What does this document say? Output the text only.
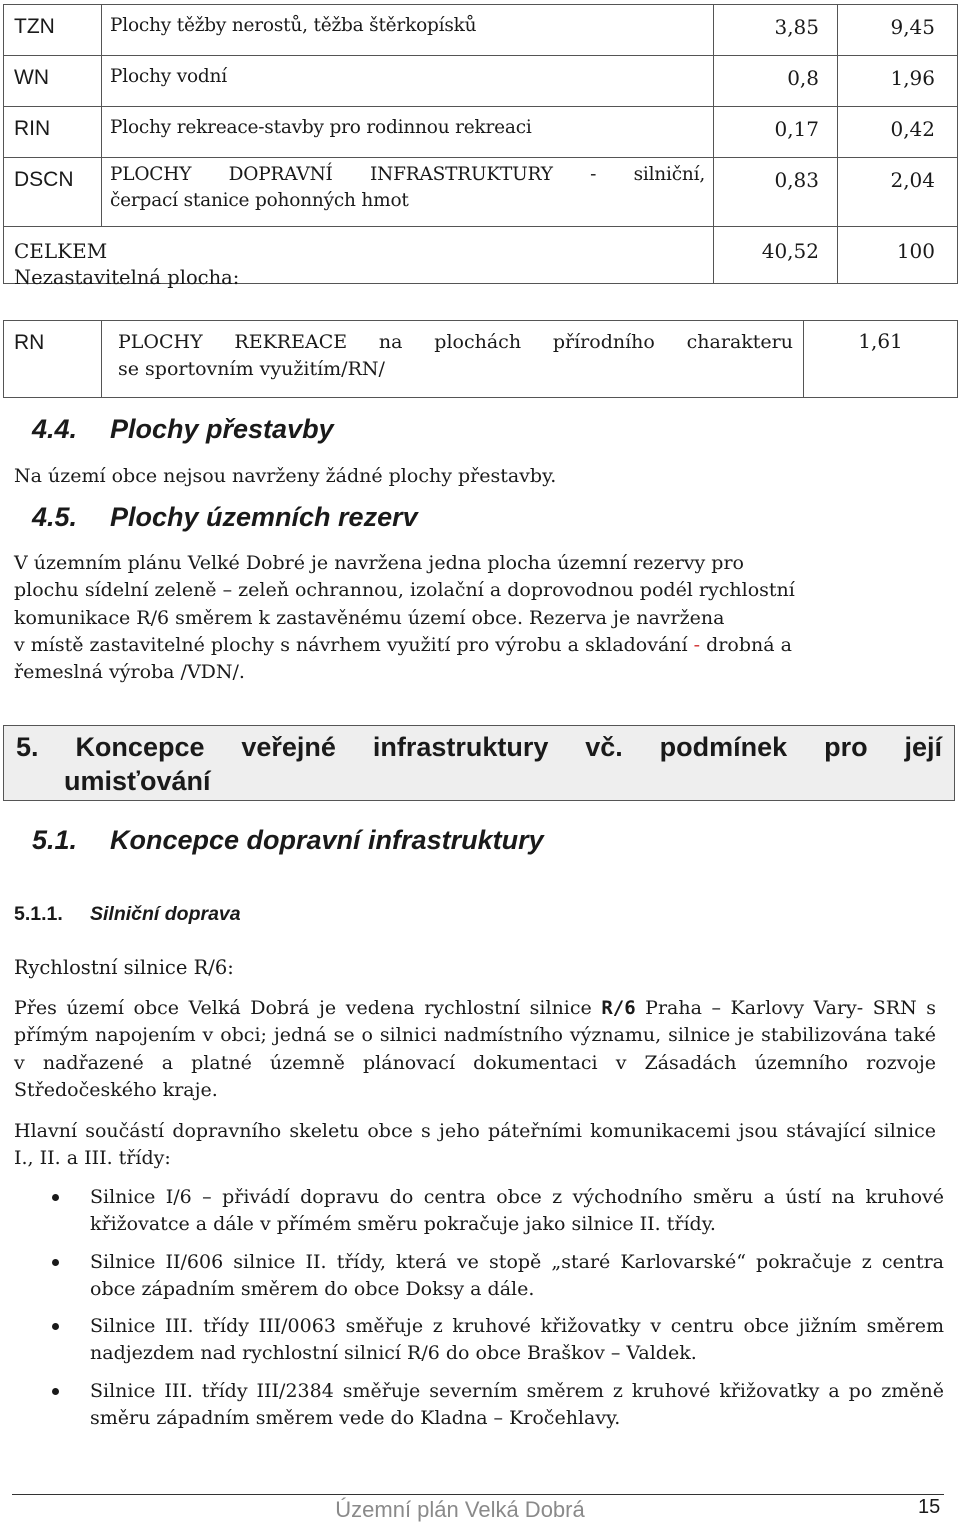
TZN	Plochy těžby nerostů, těžba štěrkopísků	3,85	9,45
WN	Plochy vodní	0,8	1,96
RIN	Plochy rekreace-stavby pro rodinnou rekreaci	0,17	0,42
DSCN	PLOCHY DOPRAVNÍ INFRASTRUKTURY - silniční,
čerpací stanice pohonných hmot	0,83	2,04
CELKEM		40,52	100
Nezastavitelná plocha:
RN	PLOCHY REKREACE na plochách přírodního charakteru
se sportovním využitím/RN/
	1,61
4.4. Plochy přestavby
Na území obce nejsou navrženy žádné plochy přestavby.
4.5. Plochy územních rezerv

V územním plánu Velké Dobré je navržena jedna plocha územní rezervy pro

plochu sídelní zeleně – zeleň ochrannou, izolační a doprovodnou podél rychlostní

komunikace R/6 směrem k zastavěnému území obce. Rezerva je navržena

v místě zastavitelné plochy s návrhem využití pro výrobu a skladování - drobná a

řemeslná výroba /VDN/.

5. Koncepce veřejné infrastruktury vč. podmínek pro její
umisťování
5.1. Koncepce dopravní infrastruktury
5.1.1. Silniční doprava
Rychlostní silnice R/6:
Přes území obce Velká Dobrá je vedena rychlostní silnice R/6 Praha – Karlovy Vary- SRN s přímým napojením v obci; jedná se o silnici nadmístního významu, silnice je stabilizována také v nadřazené a platné územně plánovací dokumentaci v Zásadách územního rozvoje Středočeského kraje.
Hlavní součástí dopravního skeletu obce s jeho páteřními komunikacemi jsou stávající silnice I., II. a III. třídy:
Silnice I/6 – přivádí dopravu do centra obce z východního směru a ústí na kruhové křižovatce a dále v přímém směru pokračuje jako silnice II. třídy.
Silnice II/606 silnice II. třídy, která ve stopě „staré Karlovarské“ pokračuje z centra obce západním směrem do obce Doksy a dále.
Silnice III. třídy III/0063 směřuje z kruhové křižovatky v centru obce jižním směrem nadjezdem nad rychlostní silnicí R/6 do obce Braškov – Valdek.
Silnice III. třídy III/2384 směřuje severním směrem z kruhové křižovatky a po změně směru západním směrem vede do Kladna – Kročehlavy.
Územní plán Velká Dobrá	15
